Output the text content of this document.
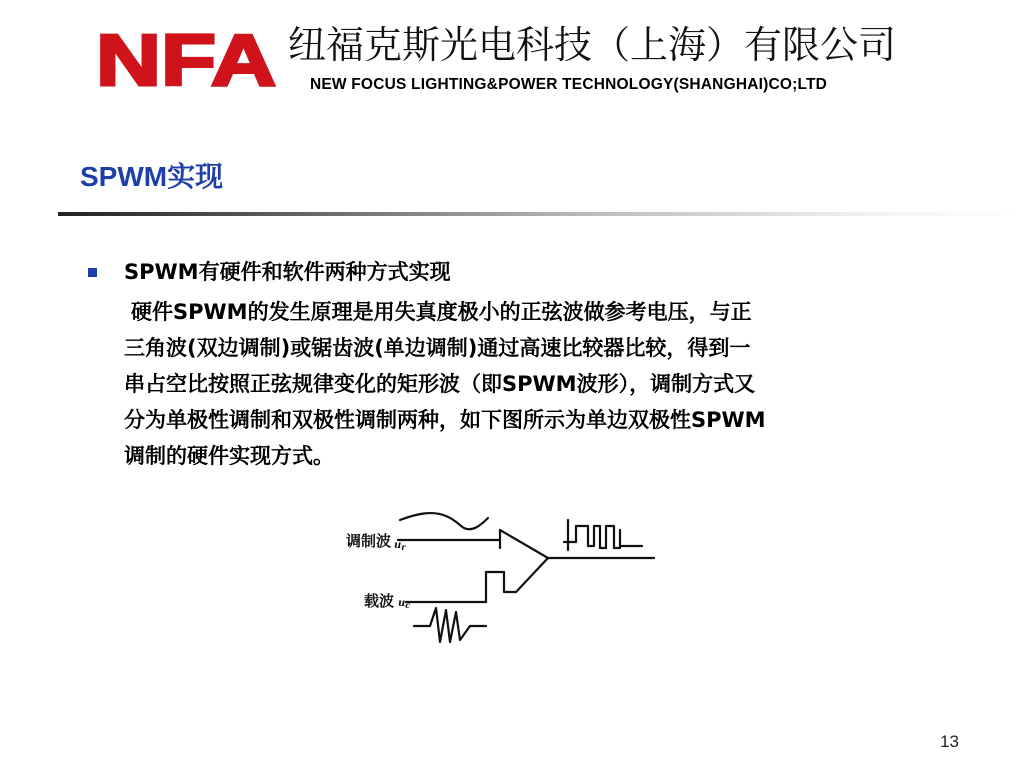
NFA 纽福克斯光电科技（上海）有限公司
NEW FOCUS LIGHTING&POWER TECHNOLOGY(SHANGHAI)CO;LTD
SPWM实现
SPWM有硬件和软件两种方式实现
硬件SPWM的发生原理是用失真度极小的正弦波做参考电压，与正
三角波(双边调制)或锯齿波(单边调制)通过高速比较器比较，得到一
串占空比按照正弦规律变化的矩形波（即SPWM波形），调制方式又
分为单极性调制和双极性调制两种，如下图所示为单边双极性SPWM
调制的硬件实现方式。
调制波 $u_r$
载波 $u_c$
13
